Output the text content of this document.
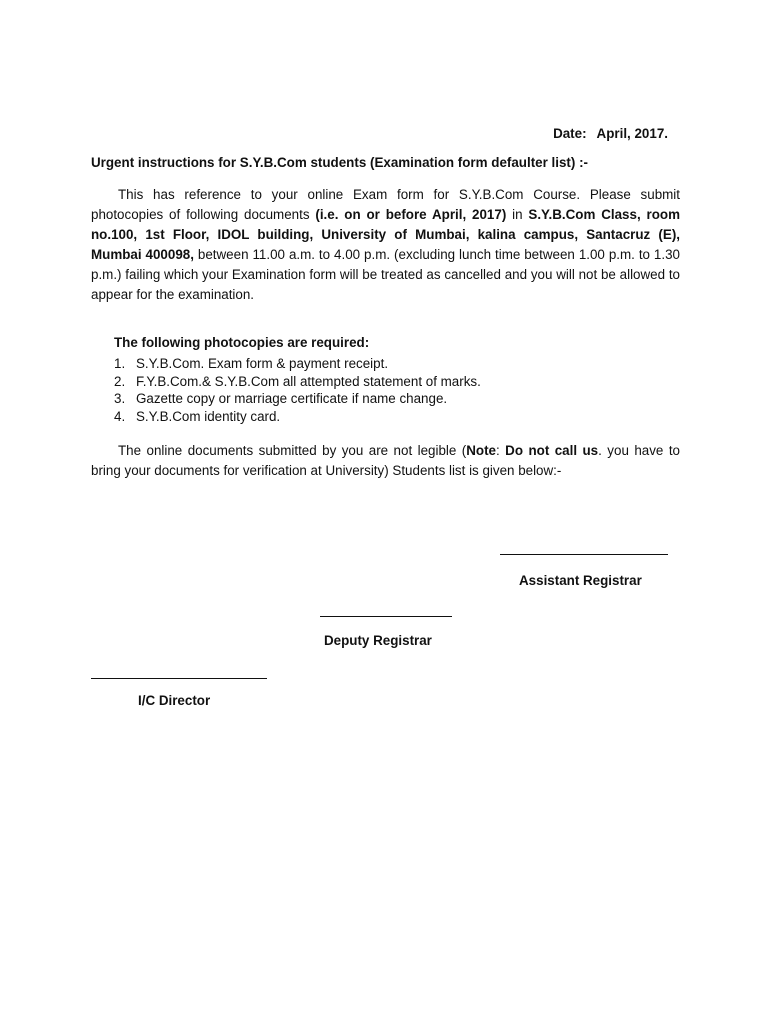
Date: April, 2017.
Urgent instructions for S.Y.B.Com students (Examination form defaulter list) :-

This has reference to your online Exam form for S.Y.B.Com Course. Please submit photocopies of following documents (i.e. on or before April, 2017) in S.Y.B.Com Class, room no.100, 1st Floor, IDOL building, University of Mumbai, kalina campus, Santacruz (E), Mumbai 400098, between 11.00 a.m. to 4.00 p.m. (excluding lunch time between 1.00 p.m. to 1.30 p.m.) failing which your Examination form will be treated as cancelled and you will not be allowed to appear for the examination.

The following photocopies are required:
1. S.Y.B.Com. Exam form & payment receipt.
2. F.Y.B.Com.& S.Y.B.Com all attempted statement of marks.
3. Gazette copy or marriage certificate if name change.
4. S.Y.B.Com identity card.

The online documents submitted by you are not legible (Note: Do not call us. you have to bring your documents for verification at University) Students list is given below:-

Assistant Registrar
Deputy Registrar
I/C Director
